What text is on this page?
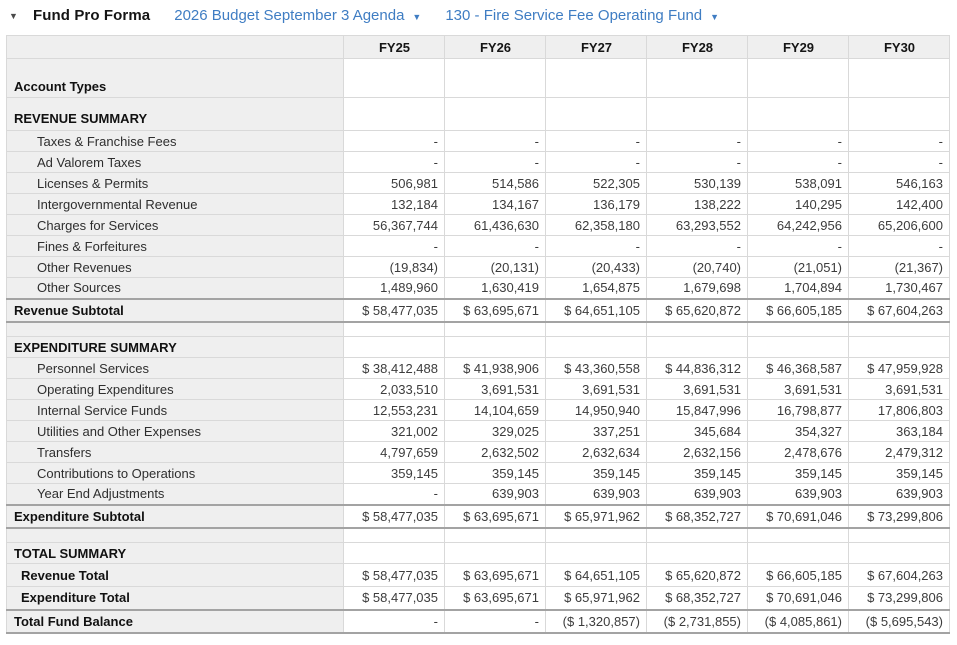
▼	Fund Pro Forma 2026 Budget September 3 Agenda ▼ 130 - Fire Service Fee Operating Fund ▼
	FY25	FY26	FY27	FY28	FY29	FY30
Account Types						
REVENUE SUMMARY						
Taxes & Franchise Fees	-	-	-	-	-	-
Ad Valorem Taxes	-	-	-	-	-	-
Licenses & Permits	506,981	514,586	522,305	530,139	538,091	546,163
Intergovernmental Revenue	132,184	134,167	136,179	138,222	140,295	142,400
Charges for Services	56,367,744	61,436,630	62,358,180	63,293,552	64,242,956	65,206,600
Fines & Forfeitures	-	-	-	-	-	-
Other Revenues	(19,834)	(20,131)	(20,433)	(20,740)	(21,051)	(21,367)
Other Sources	1,489,960	1,630,419	1,654,875	1,679,698	1,704,894	1,730,467
Revenue Subtotal	$ 58,477,035	$ 63,695,671	$ 64,651,105	$ 65,620,872	$ 66,605,185	$ 67,604,263

EXPENDITURE SUMMARY						
Personnel Services	$ 38,412,488	$ 41,938,906	$ 43,360,558	$ 44,836,312	$ 46,368,587	$ 47,959,928
Operating Expenditures	2,033,510	3,691,531	3,691,531	3,691,531	3,691,531	3,691,531
Internal Service Funds	12,553,231	14,104,659	14,950,940	15,847,996	16,798,877	17,806,803
Utilities and Other Expenses	321,002	329,025	337,251	345,684	354,327	363,184
Transfers	4,797,659	2,632,502	2,632,634	2,632,156	2,478,676	2,479,312
Contributions to Operations	359,145	359,145	359,145	359,145	359,145	359,145
Year End Adjustments	-	639,903	639,903	639,903	639,903	639,903
Expenditure Subtotal	$ 58,477,035	$ 63,695,671	$ 65,971,962	$ 68,352,727	$ 70,691,046	$ 73,299,806

TOTAL SUMMARY						
Revenue Total	$ 58,477,035	$ 63,695,671	$ 64,651,105	$ 65,620,872	$ 66,605,185	$ 67,604,263
Expenditure Total	$ 58,477,035	$ 63,695,671	$ 65,971,962	$ 68,352,727	$ 70,691,046	$ 73,299,806
Total Fund Balance	-	-	($ 1,320,857)	($ 2,731,855)	($ 4,085,861)	($ 5,695,543)
